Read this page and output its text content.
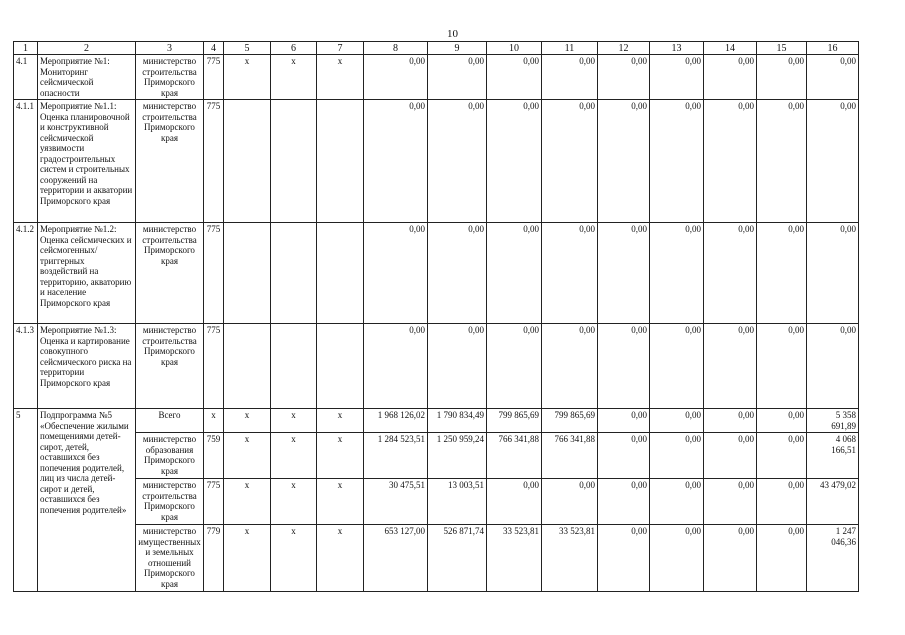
10
1	2	3	4	5	6	7	8	9	10	11	12	13	14	15	16
4.1	Мероприятие №1: Мониторинг сейсмической опасности	министерство строительства Приморского края	775	x	x	x	0,00	0,00	0,00	0,00	0,00	0,00	0,00	0,00	0,00
4.1.1	Мероприятие №1.1: Оценка планировочной и конструктивной сейсмической уязвимости градостроительных систем и строительных сооружений на территории и акватории Приморского края	министерство строительства Приморского края	775				0,00	0,00	0,00	0,00	0,00	0,00	0,00	0,00	0,00
4.1.2	Мероприятие №1.2: Оценка сейсмических и сейсмогенных/ триггерных воздействий на территорию, акваторию и население Приморского края	министерство строительства Приморского края	775				0,00	0,00	0,00	0,00	0,00	0,00	0,00	0,00	0,00
4.1.3	Мероприятие №1.3: Оценка и картирование совокупного сейсмического риска на территории Приморского края	министерство строительства Приморского края	775				0,00	0,00	0,00	0,00	0,00	0,00	0,00	0,00	0,00
5	Подпрограмма №5 «Обеспечение жилыми помещениями детей-сирот, детей, оставшихся без попечения родителей, лиц из числа детей-сирот и детей, оставшихся без попечения родителей»	Всего	x	x	x	x	1 968 126,02	1 790 834,49	799 865,69	799 865,69	0,00	0,00	0,00	0,00	5 358 691,89
		министерство образования Приморского края	759	x	x	x	1 284 523,51	1 250 959,24	766 341,88	766 341,88	0,00	0,00	0,00	0,00	4 068 166,51
		министерство строительства Приморского края	775	x	x	x	30 475,51	13 003,51	0,00	0,00	0,00	0,00	0,00	0,00	43 479,02
		министерство имущественных и земельных отношений Приморского края	779	x	x	x	653 127,00	526 871,74	33 523,81	33 523,81	0,00	0,00	0,00	0,00	1 247 046,36
